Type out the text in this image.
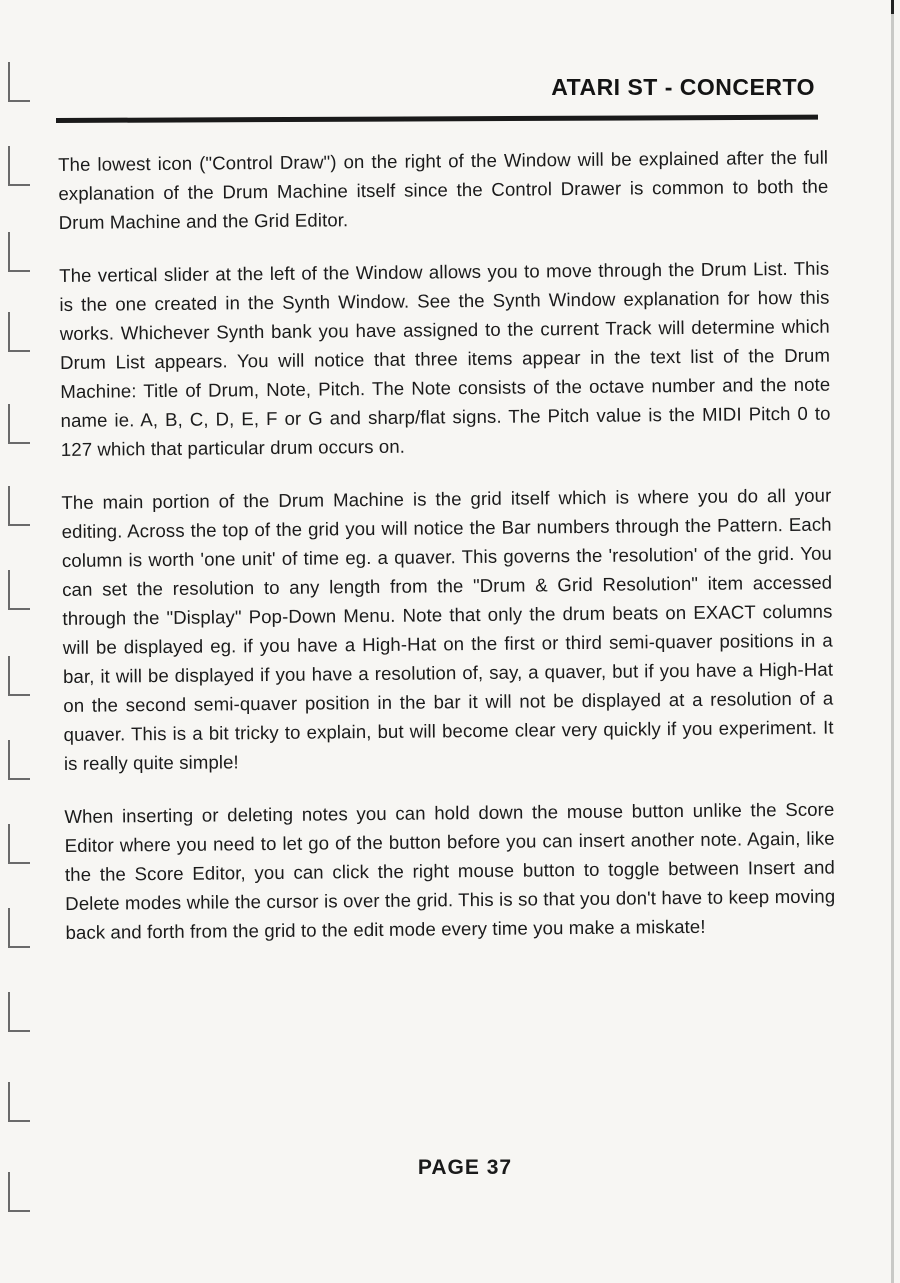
ATARI ST - CONCERTO

The lowest icon ("Control Draw") on the right of the Window will be explained after the full explanation of the Drum Machine itself since the Control Drawer is common to both the Drum Machine and the Grid Editor.

The vertical slider at the left of the Window allows you to move through the Drum List. This is the one created in the Synth Window. See the Synth Window explanation for how this works. Whichever Synth bank you have assigned to the current Track will determine which Drum List appears. You will notice that three items appear in the text list of the Drum Machine: Title of Drum, Note, Pitch. The Note consists of the octave number and the note name ie. A, B, C, D, E, F or G and sharp/flat signs. The Pitch value is the MIDI Pitch 0 to 127 which that particular drum occurs on.

The main portion of the Drum Machine is the grid itself which is where you do all your editing. Across the top of the grid you will notice the Bar numbers through the Pattern. Each column is worth 'one unit' of time eg. a quaver. This governs the 'resolution' of the grid. You can set the resolution to any length from the "Drum & Grid Resolution" item accessed through the "Display" Pop-Down Menu. Note that only the drum beats on EXACT columns will be displayed eg. if you have a High-Hat on the first or third semi-quaver positions in a bar, it will be displayed if you have a resolution of, say, a quaver, but if you have a High-Hat on the second semi-quaver position in the bar it will not be displayed at a resolution of a quaver. This is a bit tricky to explain, but will become clear very quickly if you experiment. It is really quite simple!

When inserting or deleting notes you can hold down the mouse button unlike the Score Editor where you need to let go of the button before you can insert another note. Again, like the the Score Editor, you can click the right mouse button to toggle between Insert and Delete modes while the cursor is over the grid. This is so that you don't have to keep moving back and forth from the grid to the edit mode every time you make a miskate!

PAGE 37
